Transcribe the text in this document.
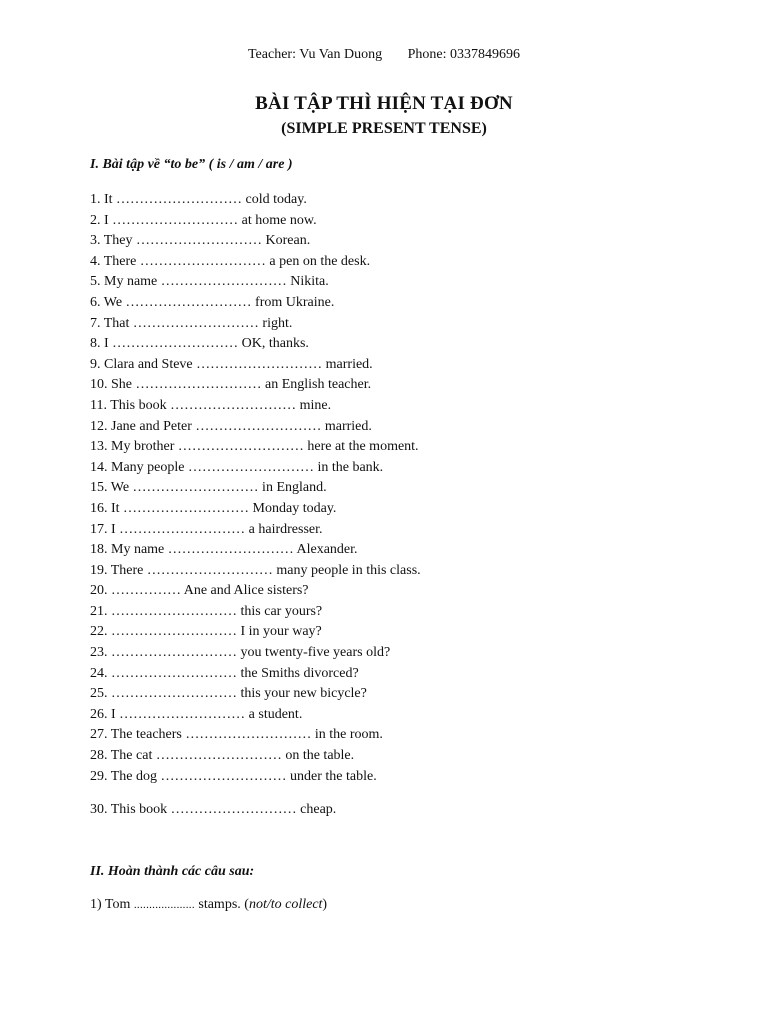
Teacher: Vu Van Duong Phone: 0337849696
BÀI TẬP THÌ HIỆN TẠI ĐƠN
(SIMPLE PRESENT TENSE)
I. Bài tập về “to be” ( is / am / are )
1. It ……………………… cold today.
2. I ……………………… at home now.
3. They ……………………… Korean.
4. There ……………………… a pen on the desk.
5. My name ……………………… Nikita.
6. We ……………………… from Ukraine.
7. That ……………………… right.
8. I ……………………… OK, thanks.
9. Clara and Steve ……………………… married.
10. She ……………………… an English teacher.
11. This book ……………………… mine.
12. Jane and Peter ……………………… married.
13. My brother ……………………… here at the moment.
14. Many people ……………………… in the bank.
15. We ……………………… in England.
16. It ……………………… Monday today.
17. I ……………………… a hairdresser.
18. My name ……………………… Alexander.
19. There ……………………… many people in this class.
20. …………… Ane and Alice sisters?
21. ……………………… this car yours?
22. ……………………… I in your way?
23. ……………………… you twenty-five years old?
24. ……………………… the Smiths divorced?
25. ……………………… this your new bicycle?
26. I ……………………… a student.
27. The teachers ……………………… in the room.
28. The cat ……………………… on the table.
29. The dog ……………………… under the table.
30. This book ……………………… cheap.
II. Hoàn thành các câu sau:
1) Tom .................... stamps. (not/to collect)
